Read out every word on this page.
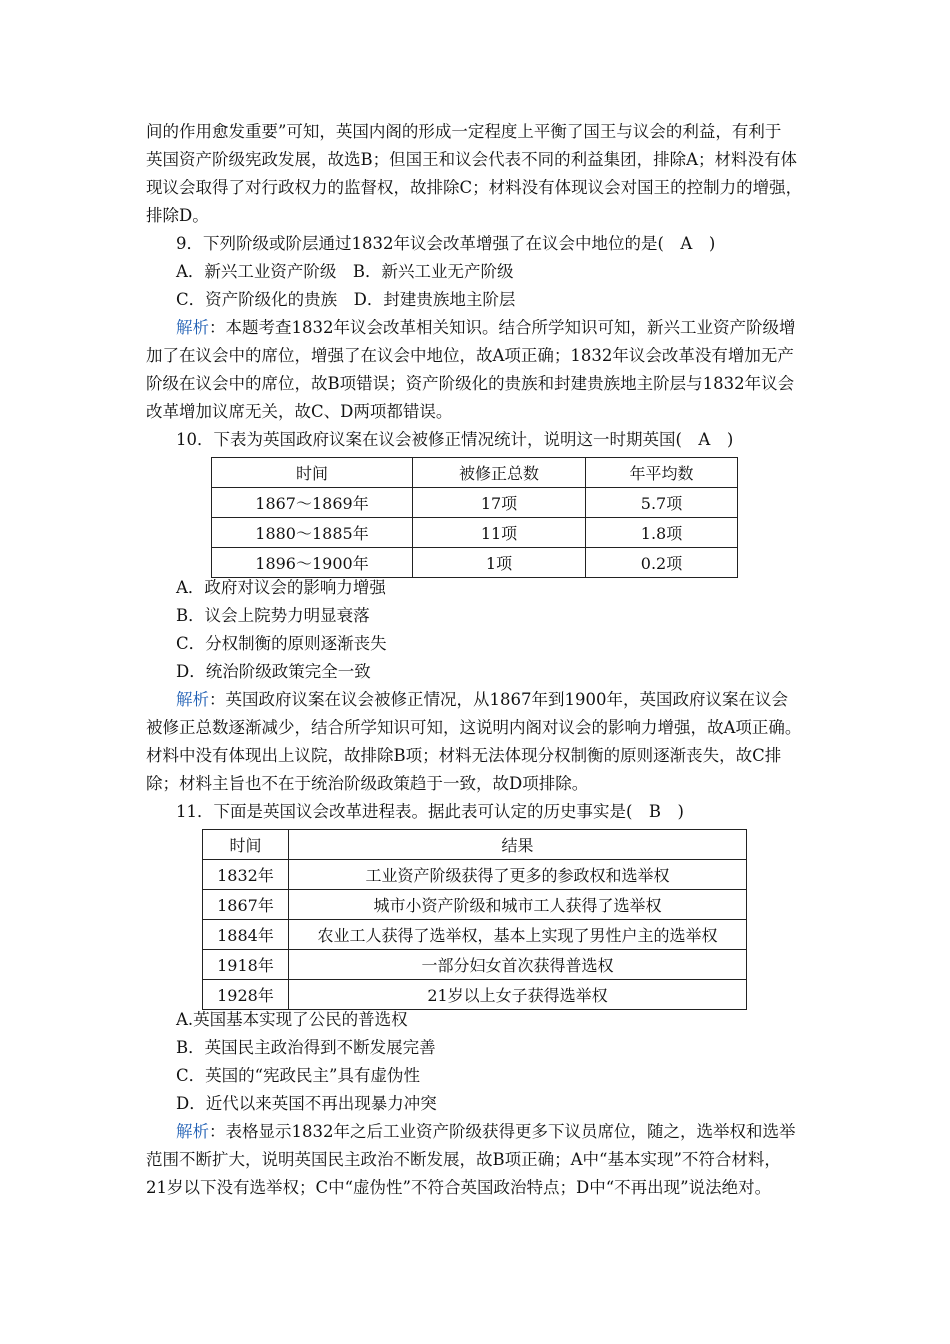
间的作用愈发重要”可知，英国内阁的形成一定程度上平衡了国王与议会的利益，有利于
英国资产阶级宪政发展，故选B；但国王和议会代表不同的利益集团，排除A；材料没有体
现议会取得了对行政权力的监督权，故排除C；材料没有体现议会对国王的控制力的增强，
排除D。
9．下列阶级或阶层通过1832年议会改革增强了在议会中地位的是(　A　)
A．新兴工业资产阶级　B．新兴工业无产阶级
C．资产阶级化的贵族　D．封建贵族地主阶层
解析：本题考查1832年议会改革相关知识。结合所学知识可知，新兴工业资产阶级增
加了在议会中的席位，增强了在议会中地位，故A项正确；1832年议会改革没有增加无产
阶级在议会中的席位，故B项错误；资产阶级化的贵族和封建贵族地主阶层与1832年议会
改革增加议席无关，故C、D两项都错误。
10．下表为英国政府议案在议会被修正情况统计，说明这一时期英国(　A　)
时间	被修正总数	年平均数
1867～1869年	17项	5.7项
1880～1885年	11项	1.8项
1896～1900年	1项	0.2项
A．政府对议会的影响力增强
B．议会上院势力明显衰落
C．分权制衡的原则逐渐丧失
D．统治阶级政策完全一致
解析：英国政府议案在议会被修正情况，从1867年到1900年，英国政府议案在议会
被修正总数逐渐减少，结合所学知识可知，这说明内阁对议会的影响力增强，故A项正确。
材料中没有体现出上议院，故排除B项；材料无法体现分权制衡的原则逐渐丧失，故C排
除；材料主旨也不在于统治阶级政策趋于一致，故D项排除。
11．下面是英国议会改革进程表。据此表可认定的历史事实是(　B　)
时间	结果
1832年	工业资产阶级获得了更多的参政权和选举权
1867年	城市小资产阶级和城市工人获得了选举权
1884年	农业工人获得了选举权，基本上实现了男性户主的选举权
1918年	一部分妇女首次获得普选权
1928年	21岁以上女子获得选举权
A.英国基本实现了公民的普选权
B．英国民主政治得到不断发展完善
C．英国的“宪政民主”具有虚伪性
D．近代以来英国不再出现暴力冲突
解析：表格显示1832年之后工业资产阶级获得更多下议员席位，随之，选举权和选举
范围不断扩大，说明英国民主政治不断发展，故B项正确；A中“基本实现”不符合材料，
21岁以下没有选举权；C中“虚伪性”不符合英国政治特点；D中“不再出现”说法绝对。
